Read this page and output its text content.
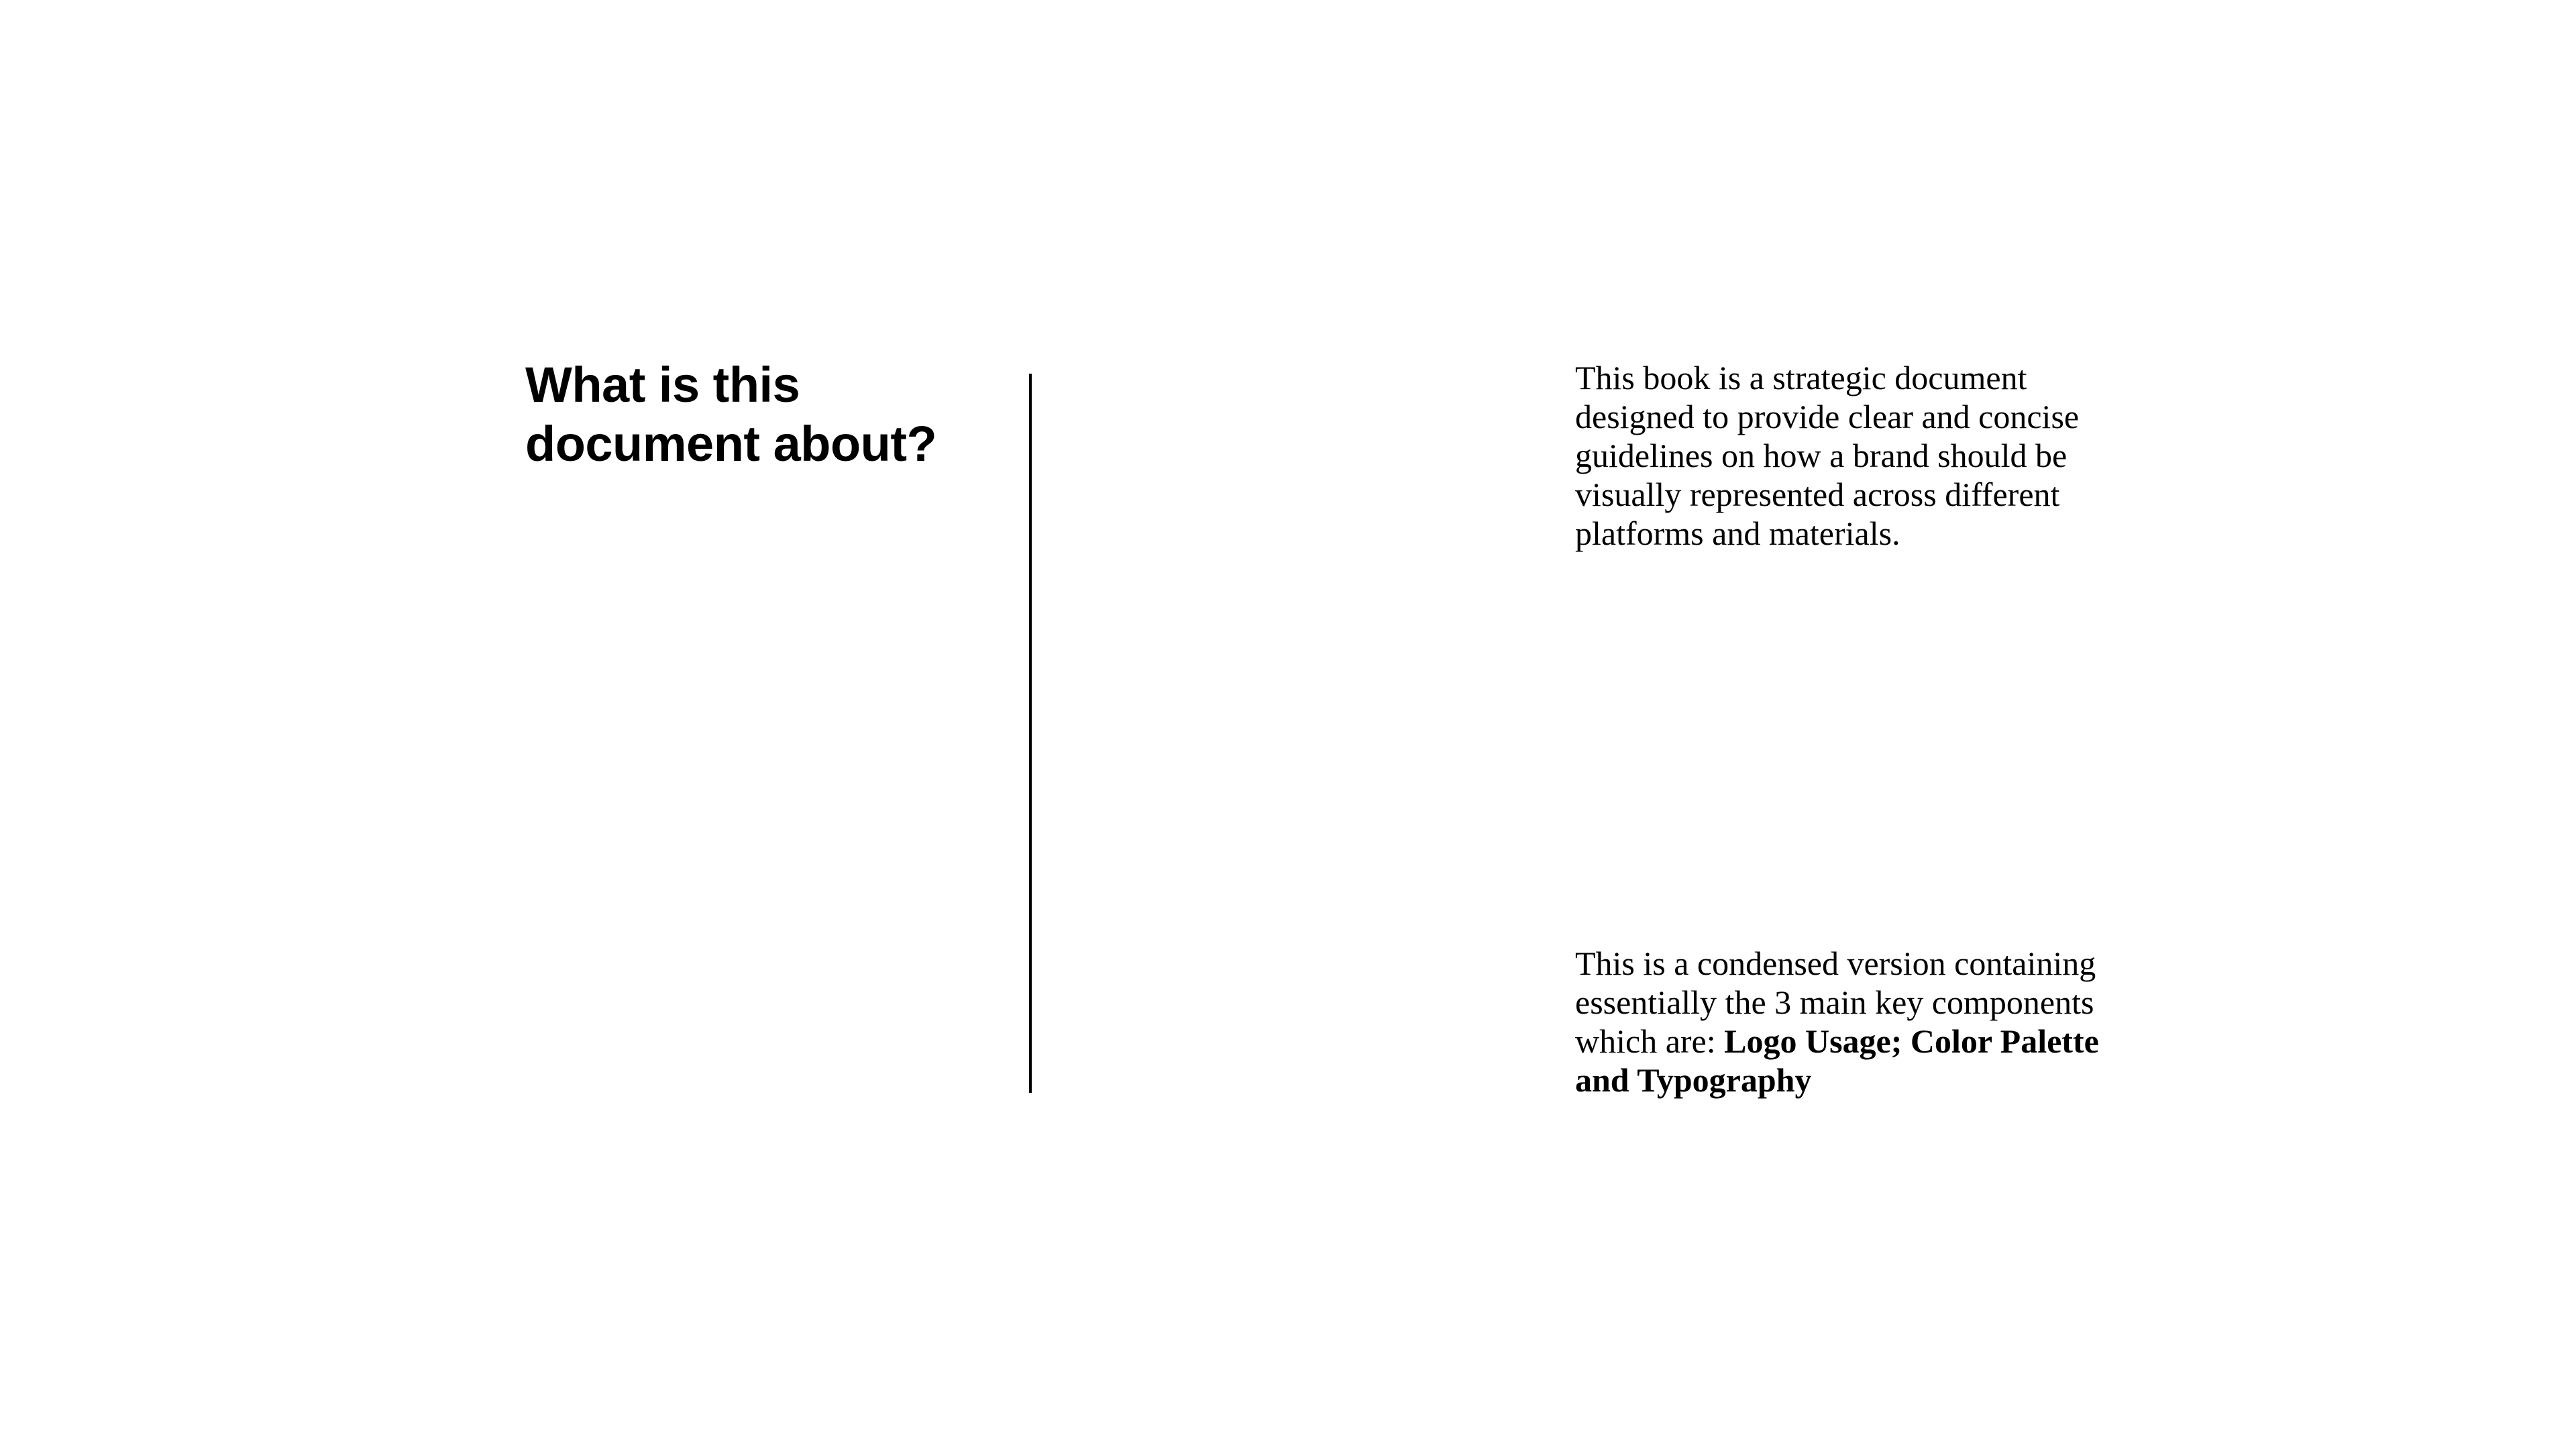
What is this
document about?

This book is a strategic document
designed to provide clear and concise
guidelines on how a brand should be
visually represented across different
platforms and materials.

This is a condensed version containing
essentially the 3 main key components
which are: Logo Usage; Color Palette
and Typography
